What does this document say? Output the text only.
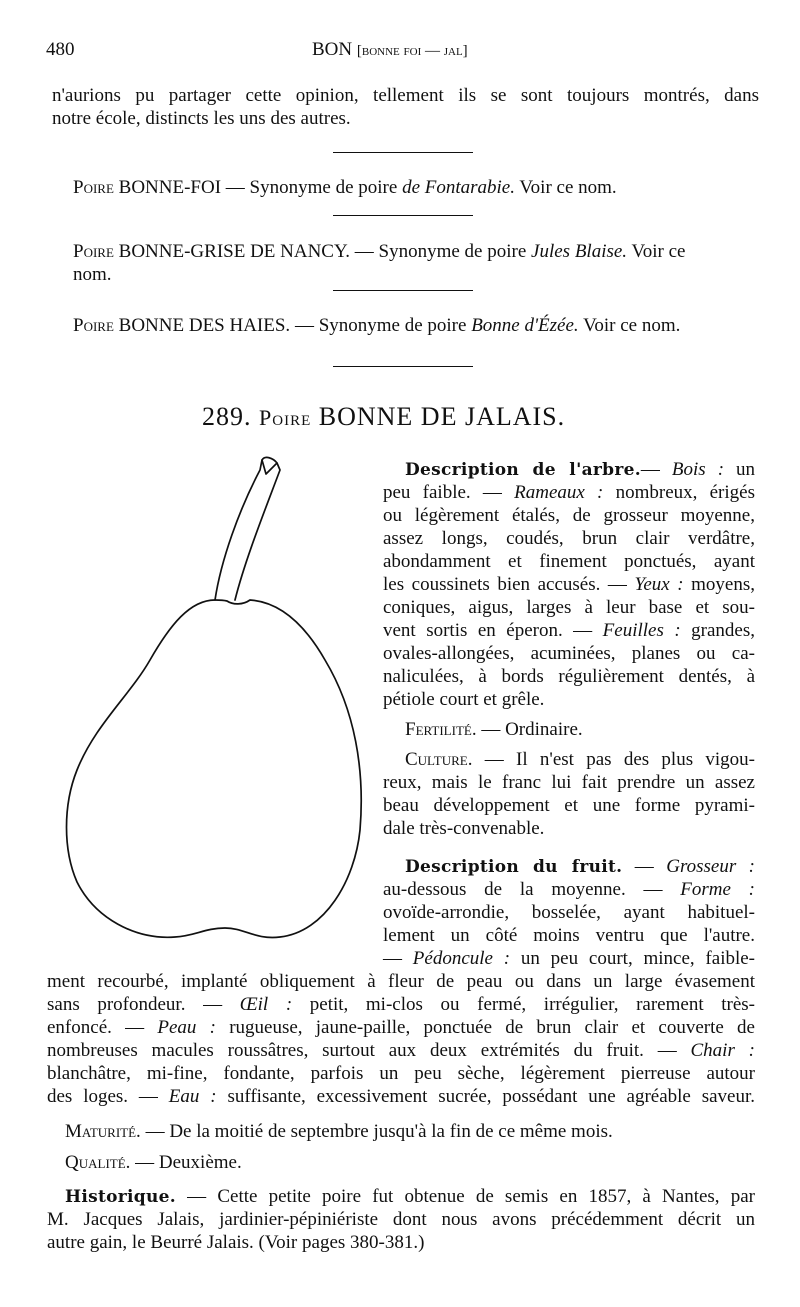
480	BON [bonne foi — jal]
n'aurions pu partager cette opinion, tellement ils se sont toujours montrés, dans
notre école, distincts les uns des autres.
Poire BONNE-FOI — Synonyme de poire de Fontarabie. Voir ce nom.
Poire BONNE-GRISE DE NANCY. — Synonyme de poire Jules Blaise. Voir ce
nom.
Poire BONNE DES HAIES. — Synonyme de poire Bonne d'Ézée. Voir ce nom.
289. Poire BONNE DE JALAIS.
Description de l'arbre.— Bois : un
peu faible. — Rameaux : nombreux, érigés
ou légèrement étalés, de grosseur moyenne,
assez longs, coudés, brun clair verdâtre,
abondamment et finement ponctués, ayant
les coussinets bien accusés. — Yeux : moyens,
coniques, aigus, larges à leur base et sou-
vent sortis en éperon. — Feuilles : grandes,
ovales-allongées, acuminées, planes ou ca-
naliculées, à bords régulièrement dentés, à
pétiole court et grêle.
Fertilité. — Ordinaire.
Culture. — Il n'est pas des plus vigou-
reux, mais le franc lui fait prendre un assez
beau développement et une forme pyrami-
dale très-convenable.
Description du fruit. — Grosseur :
au-dessous de la moyenne. — Forme :
ovoïde-arrondie, bosselée, ayant habituel-
lement un côté moins ventru que l'autre.
— Pédoncule : un peu court, mince, faible-
ment recourbé, implanté obliquement à fleur de peau ou dans un large évasement
sans profondeur. — Œil : petit, mi-clos ou fermé, irrégulier, rarement très-
enfoncé. — Peau : rugueuse, jaune-paille, ponctuée de brun clair et couverte de
nombreuses macules roussâtres, surtout aux deux extrémités du fruit. — Chair :
blanchâtre, mi-fine, fondante, parfois un peu sèche, légèrement pierreuse autour
des loges. — Eau : suffisante, excessivement sucrée, possédant une agréable saveur.
Maturité. — De la moitié de septembre jusqu'à la fin de ce même mois.
Qualité. — Deuxième.
Historique. — Cette petite poire fut obtenue de semis en 1857, à Nantes, par
M. Jacques Jalais, jardinier-pépiniériste dont nous avons précédemment décrit un
autre gain, le Beurré Jalais. (Voir pages 380-381.)
